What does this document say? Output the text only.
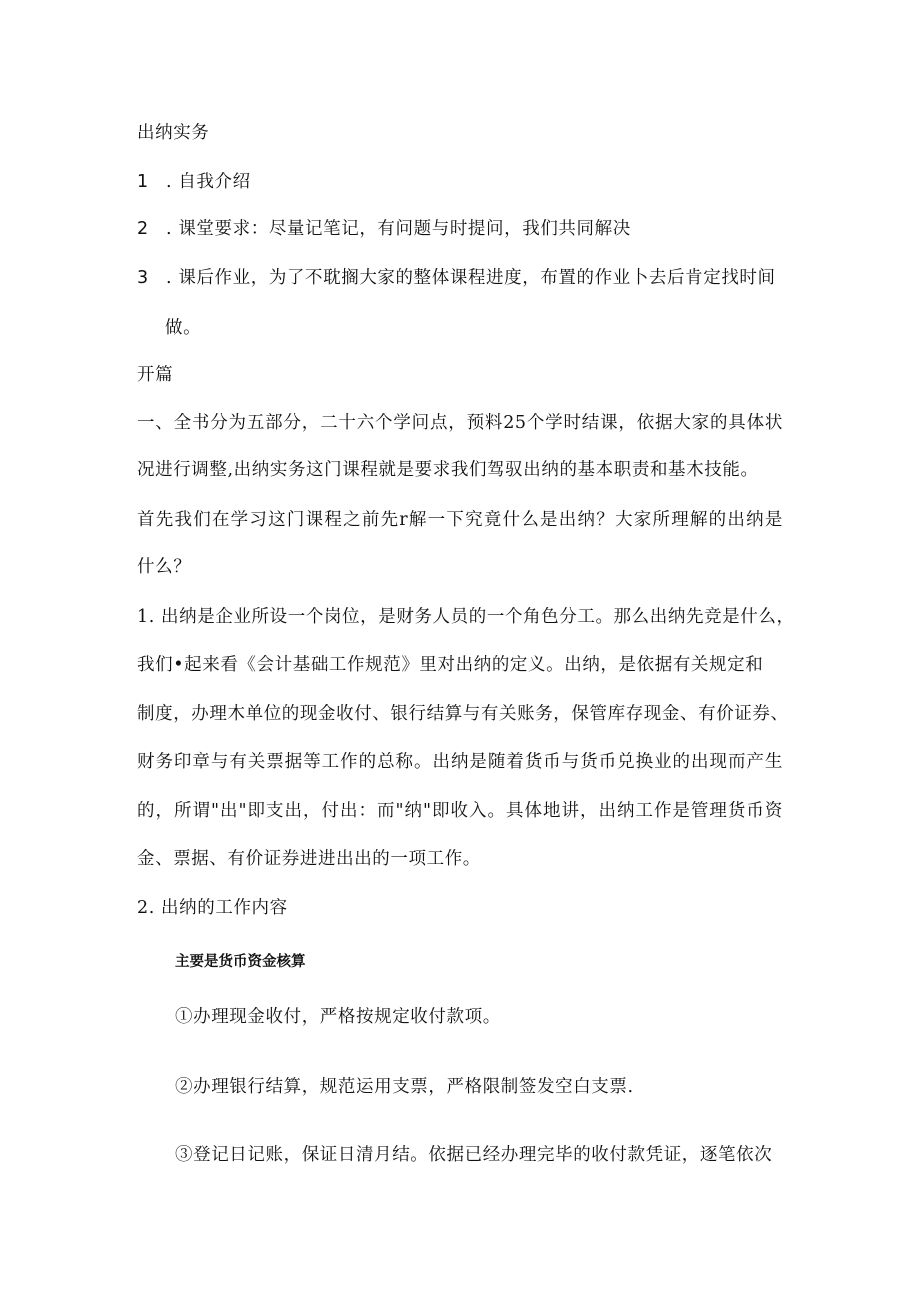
出纳实务
1 . 自我介绍
2 . 课堂要求：尽量记笔记，有问题与时提问，我们共同解决
3 . 课后作业，为了不耽搁大家的整体课程进度，布置的作业卜去后肯定找时间
做。
开篇
一、全书分为五部分，二十六个学问点，预料25个学时结课，依据大家的具体状
况进行调整,出纳实务这门课程就是要求我们驾驭出纳的基本职责和基木技能。
首先我们在学习这门课程之前先r解一下究竟什么是出纳？大家所理解的出纳是
什么？
1. 出纳是企业所设一个岗位，是财务人员的一个角色分工。那么出纳先竞是什么，
我们•起来看《会计基础工作规范》里对出纳的定义。出纳，是依据有关规定和
制度，办理木单位的现金收付、银行结算与有关账务，保管库存现金、有价证券、
财务印章与有关票据等工作的总称。出纳是随着货币与货币兑换业的出现而产生
的，所谓"出"即支出，付出：而"纳"即收入。具体地讲，出纳工作是管理货币资
金、票据、有价证券进进出出的一项工作。
2. 出纳的工作内容
主要是货币资金核算
①办理现金收付，严格按规定收付款项。
②办理银行结算，规范运用支票，严格限制签发空白支票.
③登记日记账，保证日清月结。依据已经办理完毕的收付款凭证，逐笔依次
